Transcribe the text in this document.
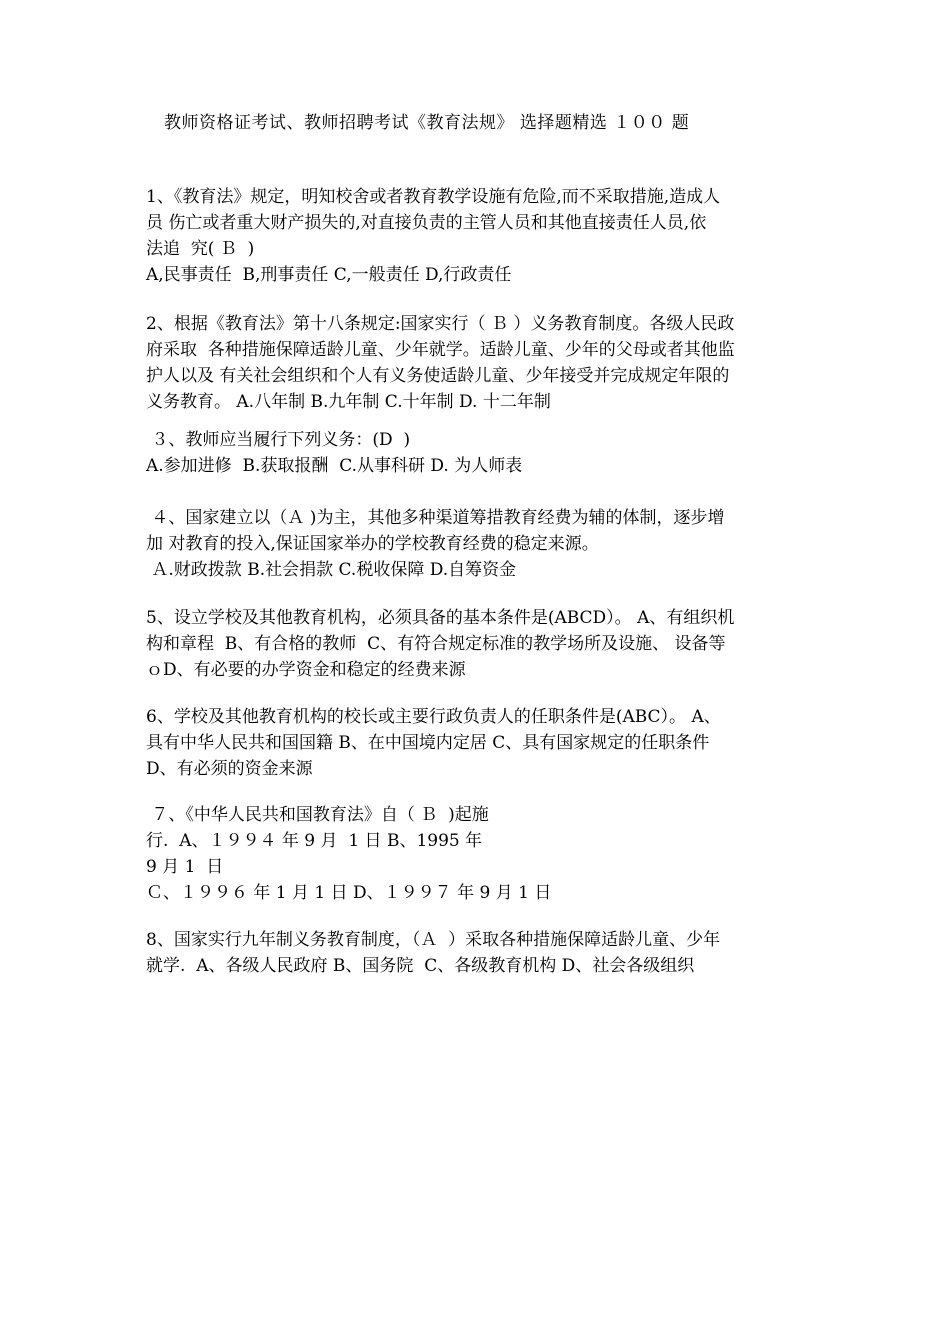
教师资格证考试、教师招聘考试《教育法规》 选择题精选 １００ 题
1、《教育法》规定，明知校舍或者教育教学设施有危险,而不采取措施,造成人
员 伤亡或者重大财产损失的,对直接负责的主管人员和其他直接责任人员,依
法追  究( Ｂ  )
A,民事责任  B,刑事责任 C,一般责任 D,行政责任
2、根据《教育法》第十八条规定:国家实行（ Ｂ ）义务教育制度。各级人民政
府采取  各种措施保障适龄儿童、少年就学。适龄儿童、少年的父母或者其他监
护人以及 有关社会组织和个人有义务使适龄儿童、少年接受并完成规定年限的
义务教育。 A.八年制 B.九年制 C.十年制 D. 十二年制
３、教师应当履行下列义务：(D  )
A.参加进修  B.获取报酬  C.从事科研 D. 为人师表
４、国家建立以（Ａ )为主，其他多种渠道筹措教育经费为辅的体制，逐步增
加 对教育的投入,保证国家举办的学校教育经费的稳定来源。
Ａ.财政拨款 B.社会捐款 C.税收保障 D.自筹资金
5、设立学校及其他教育机构，必须具备的基本条件是(ABCD）。 A、有组织机
构和章程  B、有合格的教师  C、有符合规定标准的教学场所及设施、 设备等
ｏD、有必要的办学资金和稳定的经费来源
6、学校及其他教育机构的校长或主要行政负责人的任职条件是(ABC）。 A、
具有中华人民共和国国籍 B、在中国境内定居 C、具有国家规定的任职条件
D、有必须的资金来源
７、《中华人民共和国教育法》自（ Ｂ  )起施
行.  A、１９９４ 年 9 月  1 日 B、1995 年
9 月 1  日
Ｃ、１９９６ 年 1 月 1 日 D、１９９７ 年 9 月 1 日
8、国家实行九年制义务教育制度，（Ａ  ）采取各种措施保障适龄儿童、少年
就学.  A、各级人民政府 B、国务院  C、各级教育机构 D、社会各级组织
